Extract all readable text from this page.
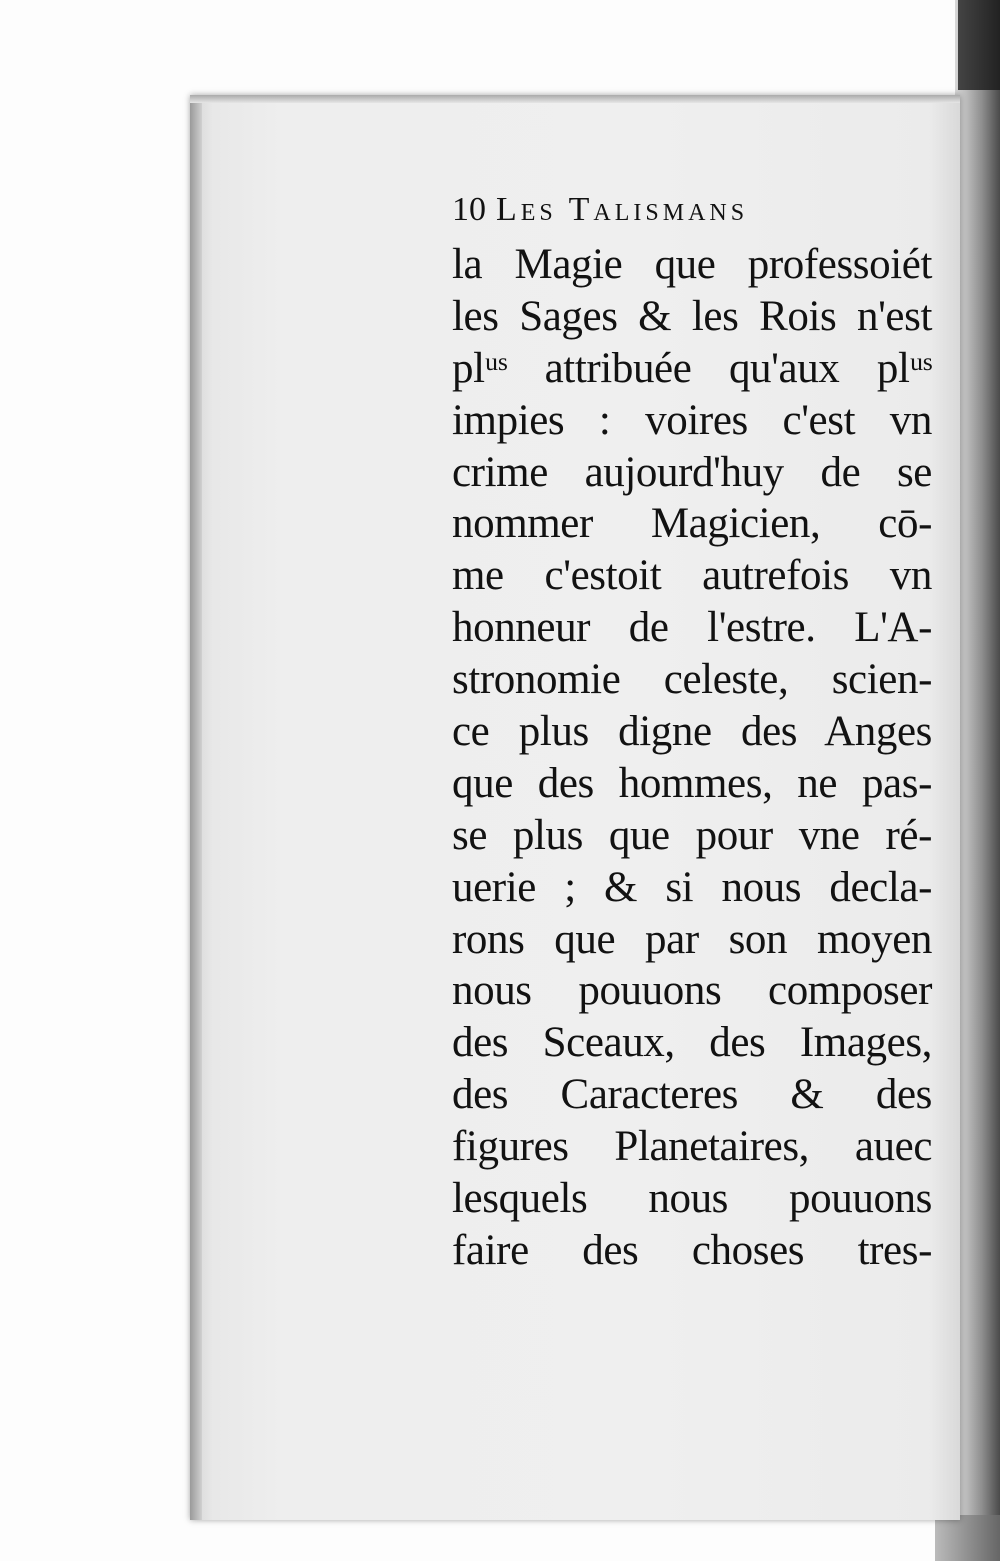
10 Les Talismans
la Magie que professoiét
les Sages & les Rois n'est
plᵘˢ attribuée qu'aux plᵘˢ
impies : voires c'est vn
crime aujourd'huy de se
nommer Magicien, cō-
me c'estoit autrefois vn
honneur de l'estre. L'A-
stronomie celeste, scien-
ce plus digne des Anges
que des hommes, ne pas-
se plus que pour vne ré-
uerie ; & si nous decla-
rons que par son moyen
nous pouuons composer
des Sceaux, des Images,
des Caracteres & des
figures Planetaires, auec
lesquels nous pouuons
faire des choses tres-
